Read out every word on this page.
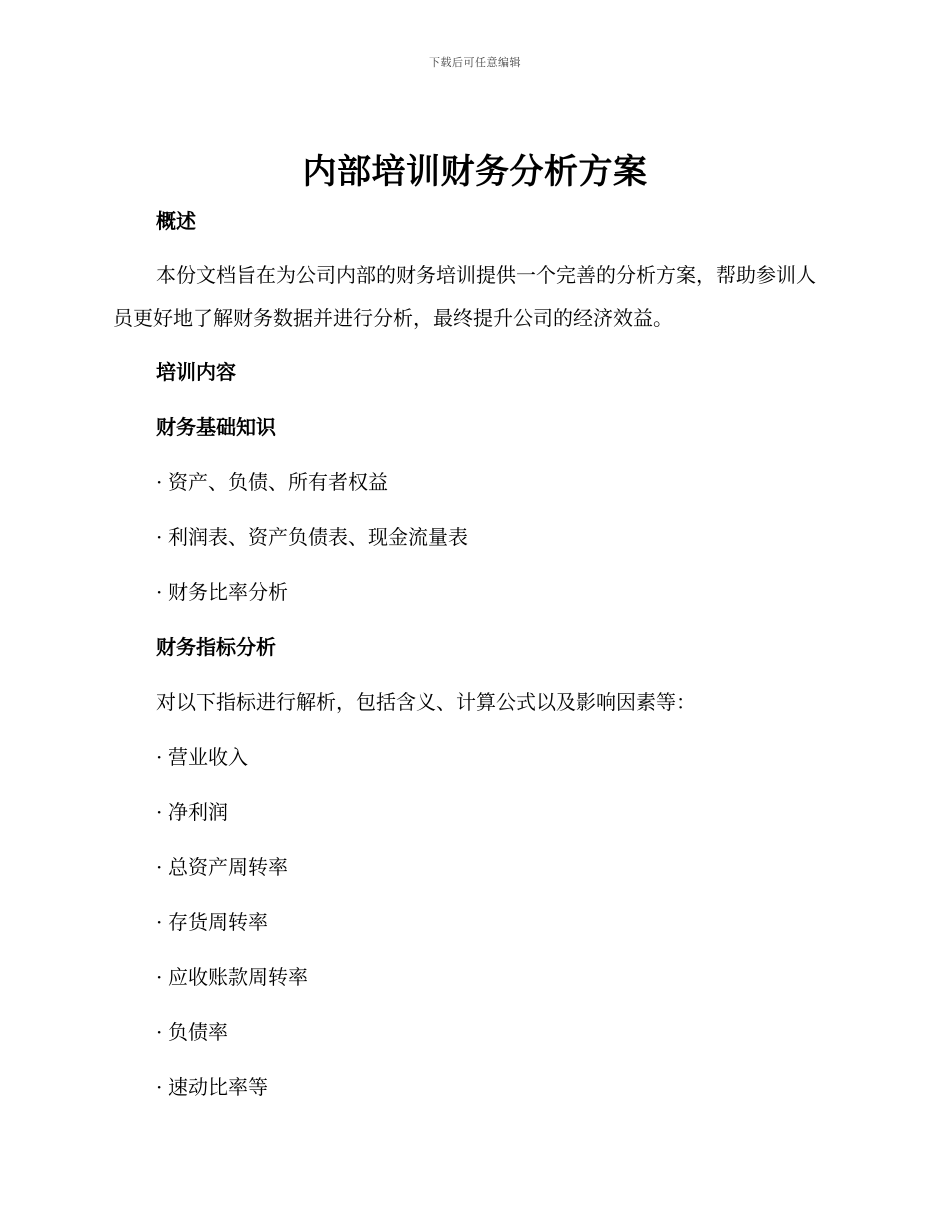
下载后可任意编辑
内部培训财务分析方案
概述

本份文档旨在为公司内部的财务培训提供一个完善的分析方案，帮助参训人员更好地了解财务数据并进行分析，最终提升公司的经济效益。

培训内容
财务基础知识
· 资产、负债、所有者权益
· 利润表、资产负债表、现金流量表
· 财务比率分析
财务指标分析
对以下指标进行解析，包括含义、计算公式以及影响因素等：
· 营业收入
· 净利润
· 总资产周转率
· 存货周转率
· 应收账款周转率
· 负债率
· 速动比率等
